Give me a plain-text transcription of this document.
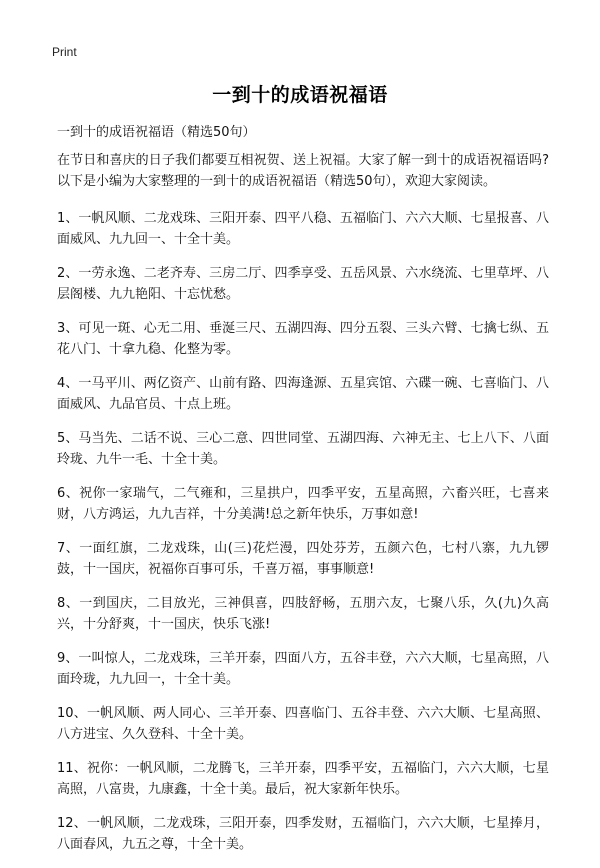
Print
一到十的成语祝福语
一到十的成语祝福语（精选50句）

在节日和喜庆的日子我们都要互相祝贺、送上祝福。大家了解一到十的成语祝福语吗?以下是小编为大家整理的一到十的成语祝福语（精选50句），欢迎大家阅读。

1、一帆风顺、二龙戏珠、三阳开泰、四平八稳、五福临门、六六大顺、七星报喜、八面威风、九九回一、十全十美。

2、一劳永逸、二老齐寿、三房二厅、四季享受、五岳风景、六水绕流、七里草坪、八层阁楼、九九艳阳、十忘忧愁。

3、可见一斑、心无二用、垂涎三尺、五湖四海、四分五裂、三头六臂、七擒七纵、五花八门、十拿九稳、化整为零。

4、一马平川、两亿资产、山前有路、四海逢源、五星宾馆、六碟一碗、七喜临门、八面威风、九品官员、十点上班。

5、马当先、二话不说、三心二意、四世同堂、五湖四海、六神无主、七上八下、八面玲珑、九牛一毛、十全十美。

6、祝你一家瑞气，二气雍和，三星拱户，四季平安，五星高照，六畜兴旺，七喜来财，八方鸿运，九九吉祥，十分美满!总之新年快乐，万事如意!

7、一面红旗，二龙戏珠，山(三)花烂漫，四处芬芳，五颜六色，七村八寨，九九锣鼓，十一国庆，祝福你百事可乐，千喜万福，事事顺意!

8、一到国庆，二目放光，三神俱喜，四肢舒畅，五朋六友，七聚八乐，久(九)久高兴，十分舒爽，十一国庆，快乐飞涨!

9、一叫惊人，二龙戏珠，三羊开泰，四面八方，五谷丰登，六六大顺，七星高照，八面玲珑，九九回一，十全十美。

10、一帆风顺、两人同心、三羊开泰、四喜临门、五谷丰登、六六大顺、七星高照、八方进宝、久久登科、十全十美。

11、祝你：一帆风顺，二龙腾飞，三羊开泰，四季平安，五福临门，六六大顺，七星高照，八富贵，九康鑫，十全十美。最后，祝大家新年快乐。

12、一帆风顺，二龙戏珠，三阳开泰，四季发财，五福临门，六六大顺，七星捧月，八面春风，九五之尊，十全十美。
